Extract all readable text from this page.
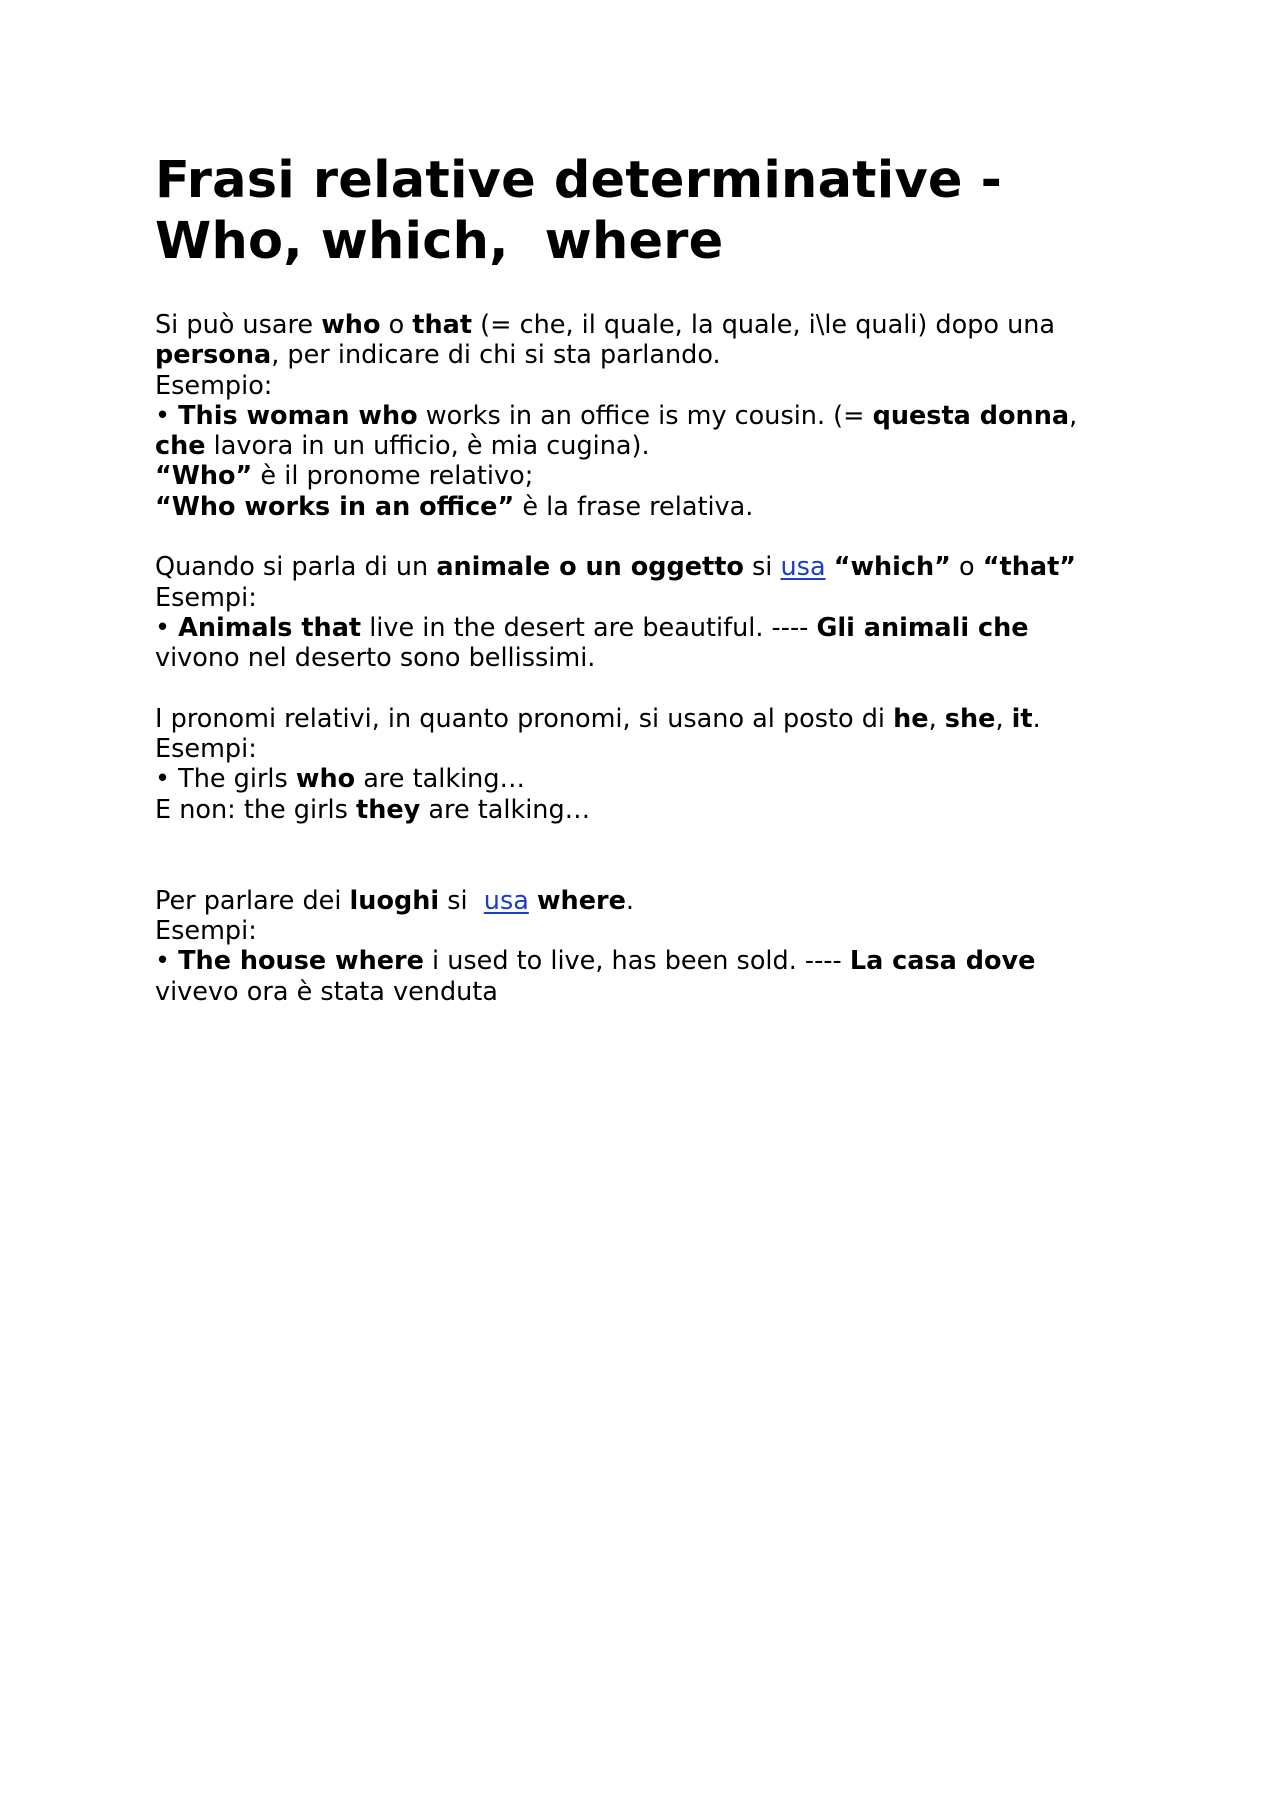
Frasi relative determinative -
Who, which,  where

Si può usare who o that (= che, il quale, la quale, i\le quali) dopo una

persona, per indicare di chi si sta parlando.

Esempio:

• This woman who works in an office is my cousin. (= questa donna,

che lavora in un ufficio, è mia cugina).

“Who” è il pronome relativo;

“Who works in an office” è la frase relativa.

Quando si parla di un animale o un oggetto si usa “which” o “that”

Esempi:

• Animals that live in the desert are beautiful. ---- Gli animali che

vivono nel deserto sono bellissimi.

I pronomi relativi, in quanto pronomi, si usano al posto di he, she, it.

Esempi:

• The girls who are talking…

E non: the girls they are talking…

Per parlare dei luoghi si  usa where.

Esempi:

• The house where i used to live, has been sold. ---- La casa dove

vivevo ora è stata venduta
